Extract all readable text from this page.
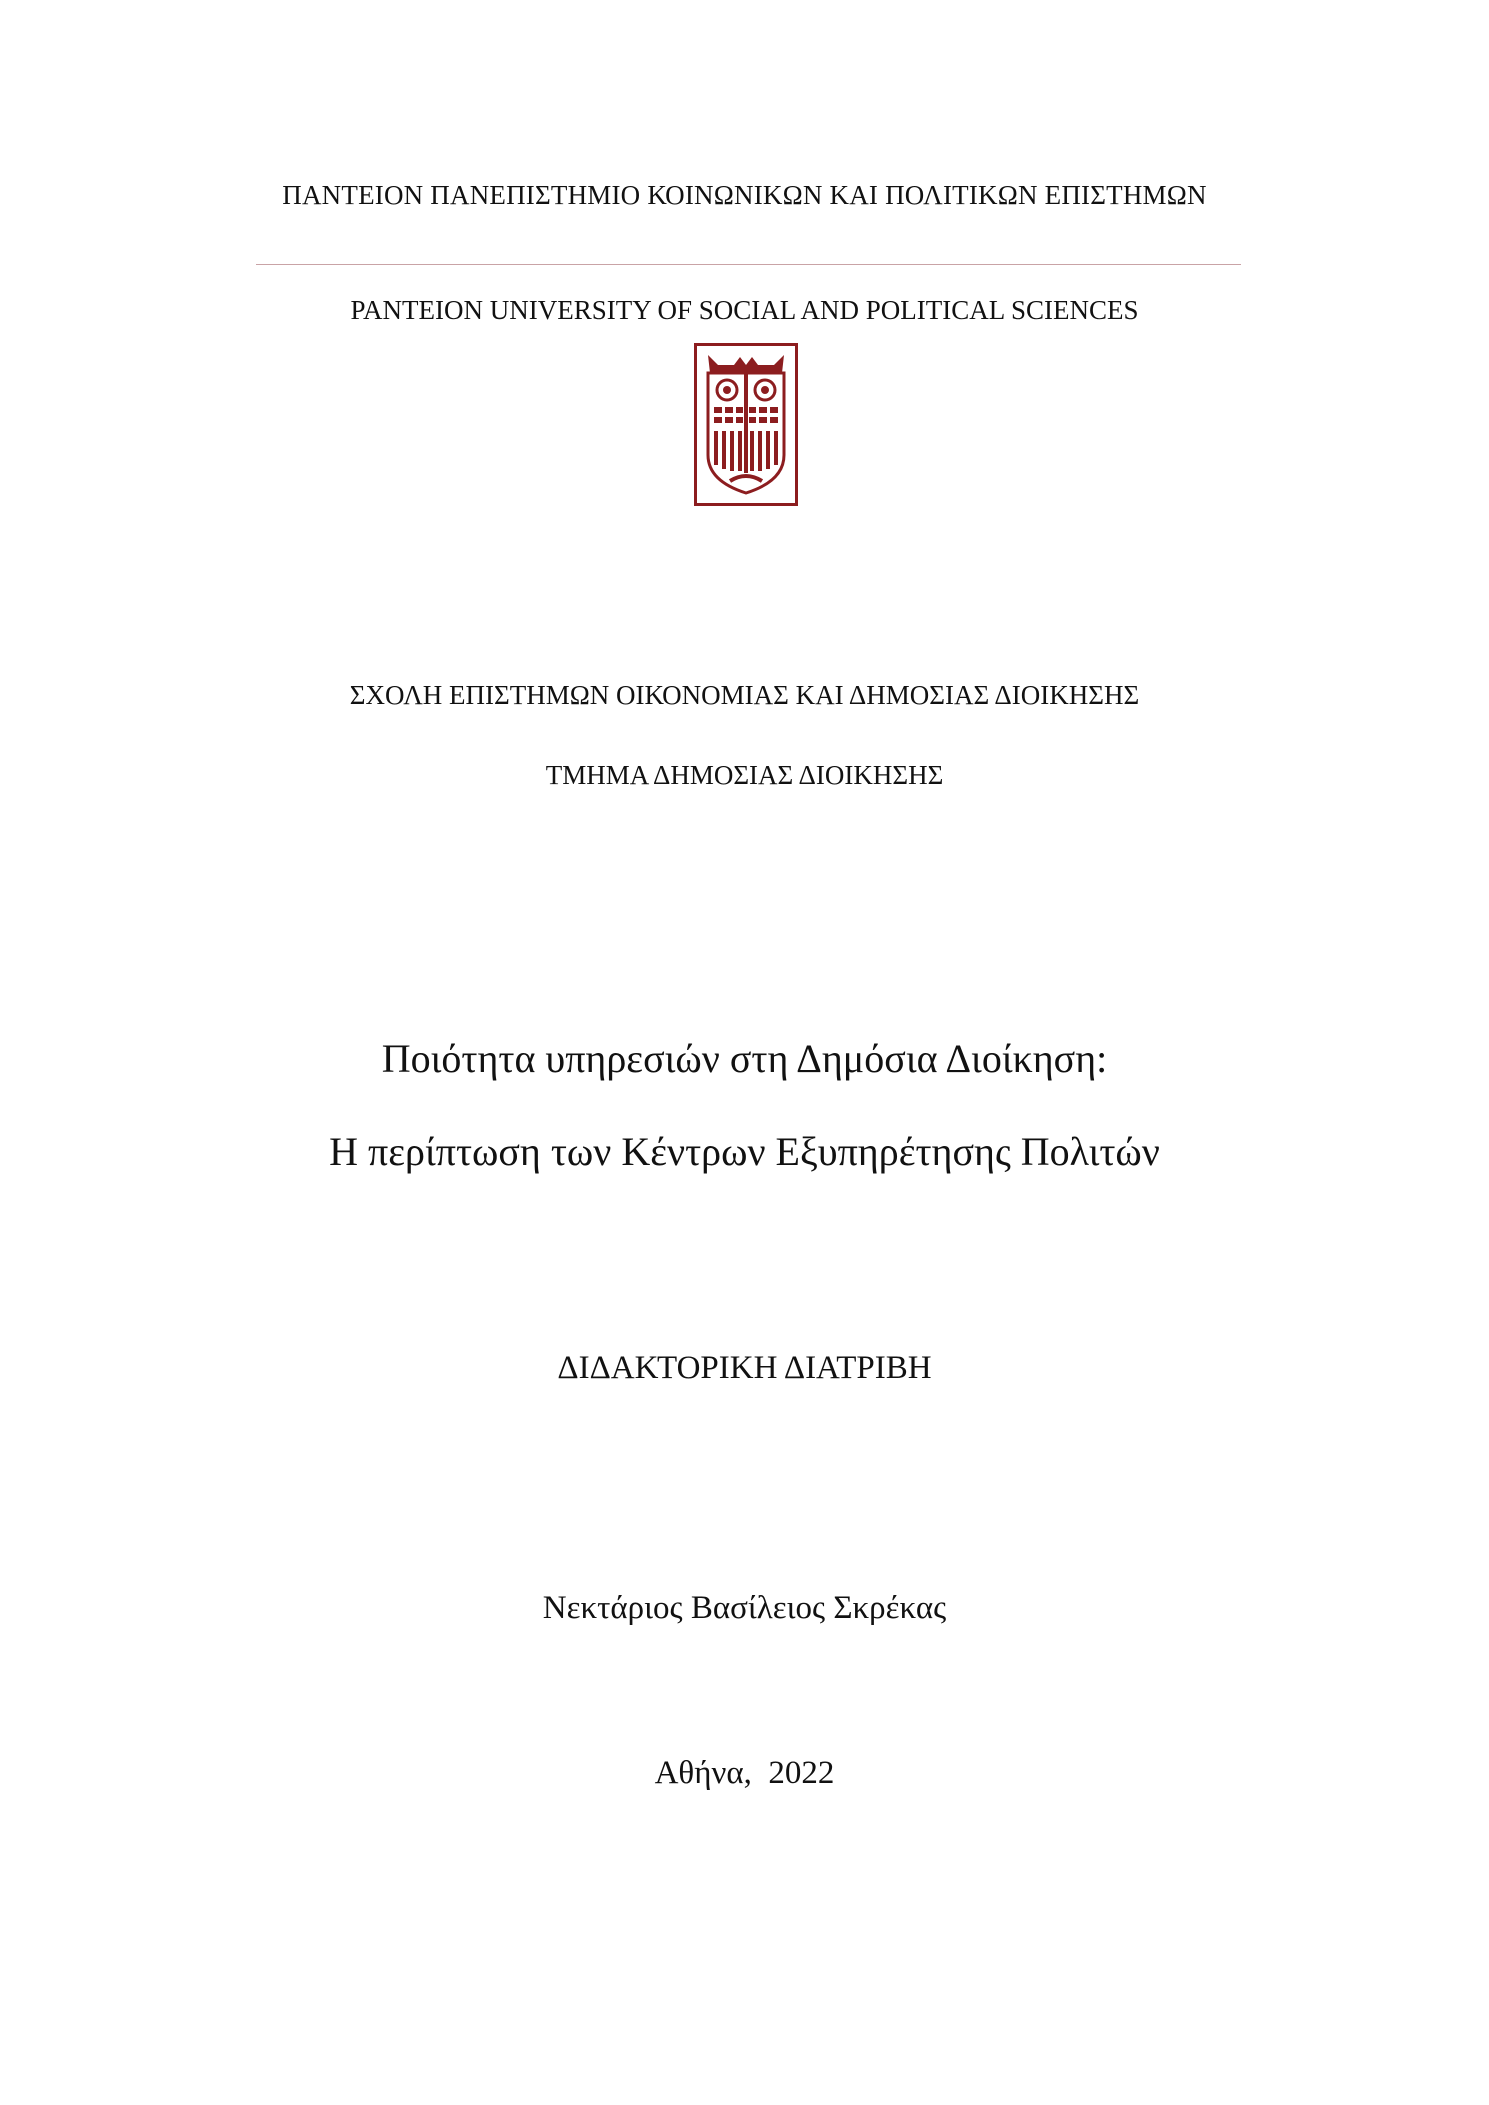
ΠΑΝΤΕΙΟΝ ΠΑΝΕΠΙΣΤΗΜΙΟ ΚΟΙΝΩΝΙΚΩΝ ΚΑΙ ΠΟΛΙΤΙΚΩΝ ΕΠΙΣΤΗΜΩΝ

PANTEION UNIVERSITY OF SOCIAL AND POLITICAL SCIENCES

ΣΧΟΛΗ ΕΠΙΣΤΗΜΩΝ ΟΙΚΟΝΟΜΙΑΣ ΚΑΙ ΔΗΜΟΣΙΑΣ ΔΙΟΙΚΗΣΗΣ

ΤΜΗΜΑ ΔΗΜΟΣΙΑΣ ΔΙΟΙΚΗΣΗΣ

Ποιότητα υπηρεσιών στη Δημόσια Διοίκηση:

Η περίπτωση των Κέντρων Εξυπηρέτησης Πολιτών

ΔΙΔΑΚΤΟΡΙΚΗ ΔΙΑΤΡΙΒΗ

Νεκτάριος Βασίλειος Σκρέκας

Αθήνα,  2022
